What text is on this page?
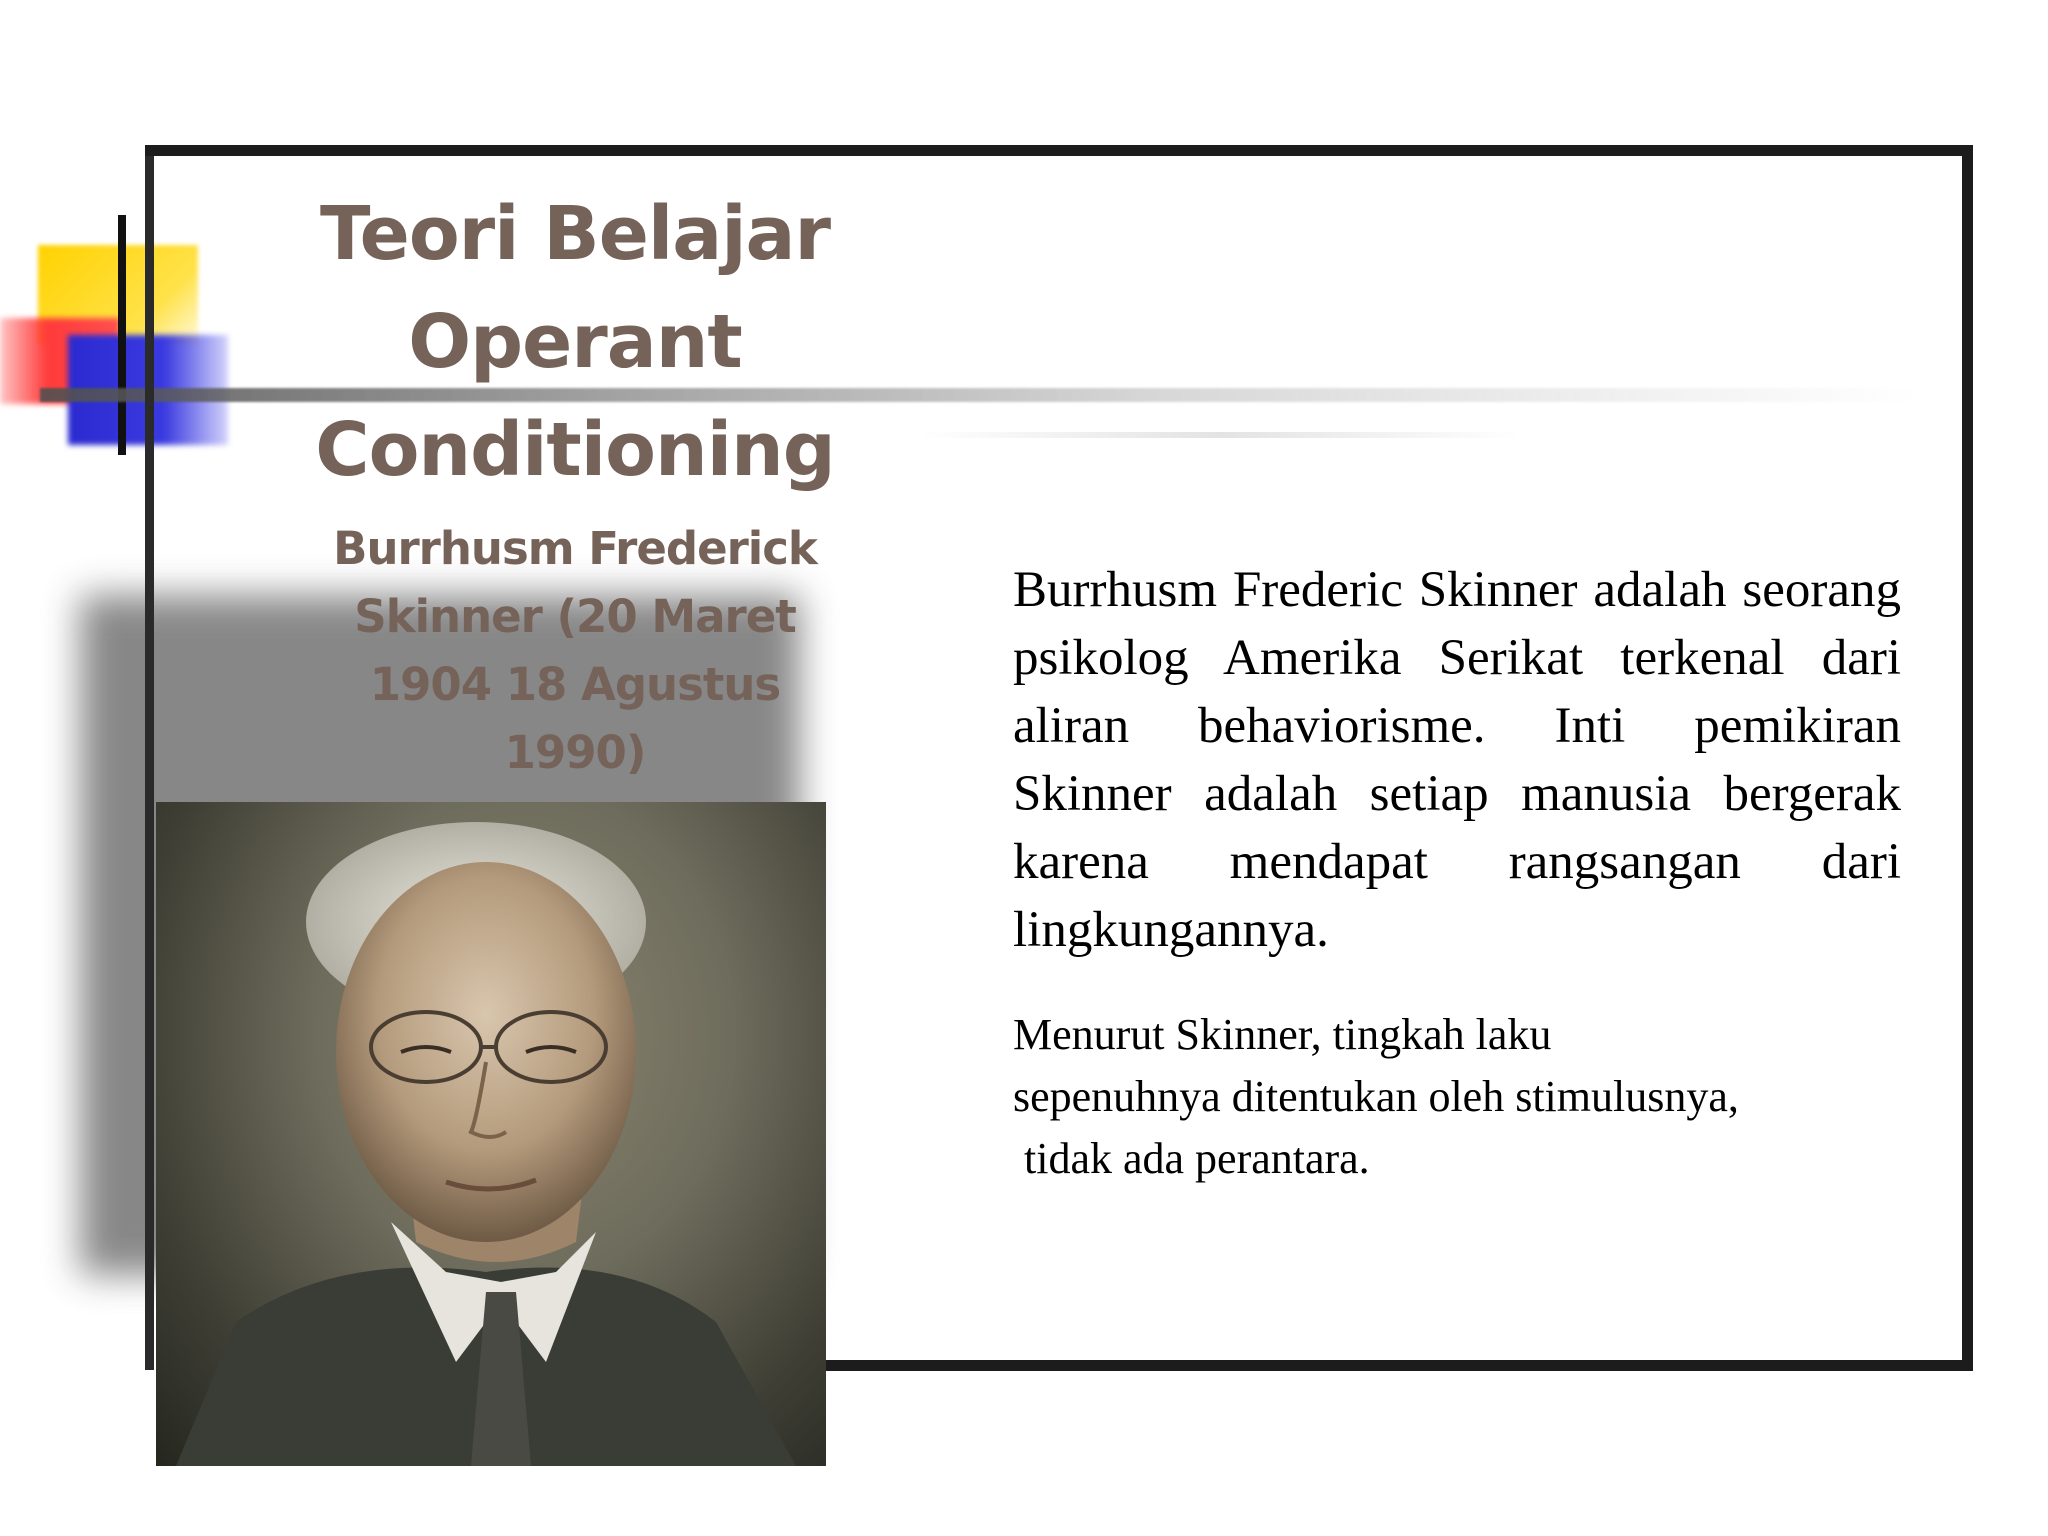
Teori Belajar
Operant
Conditioning
Burrhusm Frederick
Skinner (20 Maret
1904 18 Agustus
1990)
Burrhusm Frederic Skinner adalah seorang psikolog Amerika Serikat terkenal dari aliran behaviorisme. Inti pemikiran Skinner adalah setiap manusia bergerak karena mendapat rangsangan dari lingkungannya.
Menurut Skinner, tingkah laku
sepenuhnya ditentukan oleh stimulusnya,
tidak ada perantara.
